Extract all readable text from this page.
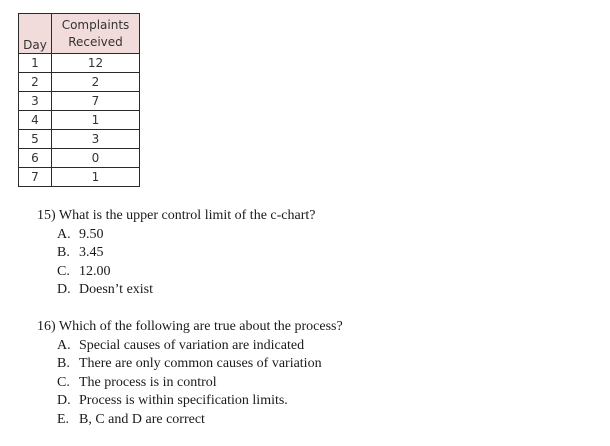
Day	Complaints
Received
1	12
2	2
3	7
4	1
5	3
6	0
7	1
15) What is the upper control limit of the c-chart?
A. 9.50
B. 3.45
C. 12.00
D. Doesn’t exist
16) Which of the following are true about the process?
A. Special causes of variation are indicated
B. There are only common causes of variation
C. The process is in control
D. Process is within specification limits.
E. B, C and D are correct
